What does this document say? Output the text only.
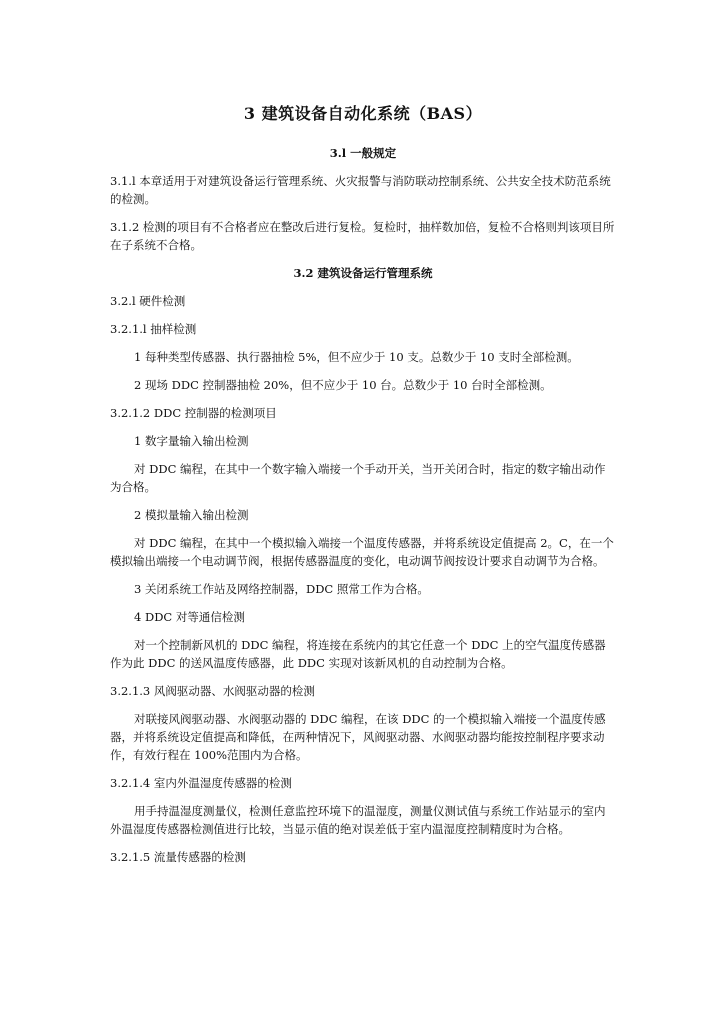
3 建筑设备自动化系统（BAS）
3.l 一般规定

3.1.l 本章适用于对建筑设备运行管理系统、火灾报警与消防联动控制系统、公共安全技术防范系统的检测。

3.1.2 检测的项目有不合格者应在整改后进行复检。复检时，抽样数加倍，复检不合格则判该项目所在子系统不合格。

3.2 建筑设备运行管理系统

3.2.l 硬件检测

3.2.1.l 抽样检测

1 每种类型传感器、执行器抽检 5%，但不应少于 10 支。总数少于 10 支时全部检测。

2 现场 DDC 控制器抽检 20%，但不应少于 10 台。总数少于 10 台时全部检测。

3.2.1.2 DDC 控制器的检测项目

1 数字量输入输出检测

对 DDC 编程，在其中一个数字输入端接一个手动开关，当开关闭合时，指定的数字输出动作为合格。

2 模拟量输入输出检测

对 DDC 编程，在其中一个模拟输入端接一个温度传感器，并将系统设定值提高 2。C，在一个模拟输出端接一个电动调节阀，根据传感器温度的变化，电动调节阀按设计要求自动调节为合格。

3 关闭系统工作站及网络控制器，DDC 照常工作为合格。

4 DDC 对等通信检测

对一个控制新风机的 DDC 编程，将连接在系统内的其它任意一个 DDC 上的空气温度传感器作为此 DDC 的送风温度传感器，此 DDC 实现对该新风机的自动控制为合格。

3.2.1.3 风阀驱动器、水阀驱动器的检测

对联接风阀驱动器、水阀驱动器的 DDC 编程，在该 DDC 的一个模拟输入端接一个温度传感器，并将系统设定值提高和降低，在两种情况下，风阀驱动器、水阀驱动器均能按控制程序要求动作，有效行程在 100%范围内为合格。

3.2.1.4 室内外温湿度传感器的检测

用手持温湿度测量仪，检测任意监控环境下的温湿度，测量仪测试值与系统工作站显示的室内外温湿度传感器检测值进行比较，当显示值的绝对误差低于室内温湿度控制精度时为合格。

3.2.1.5 流量传感器的检测
